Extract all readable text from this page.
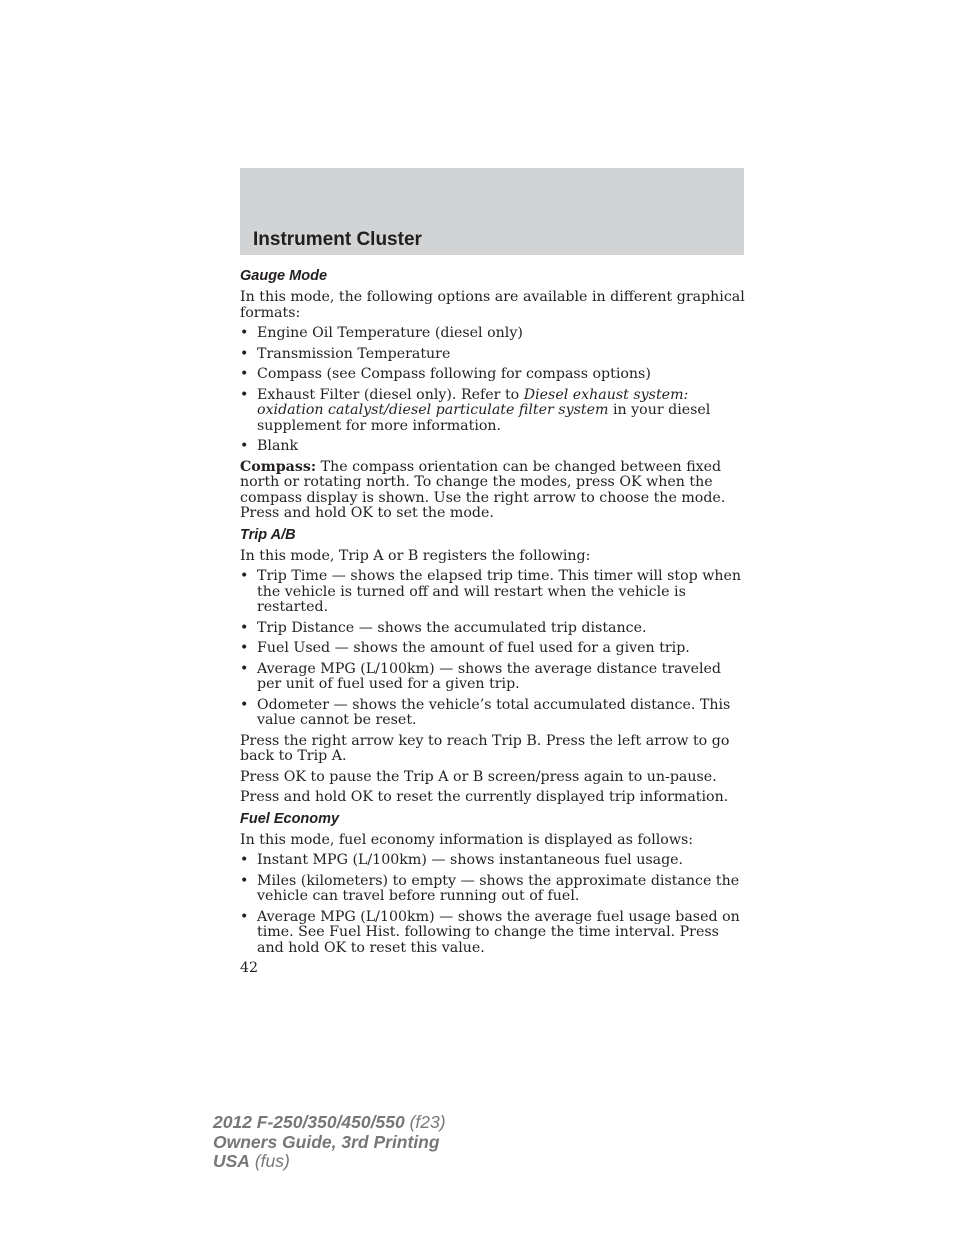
Instrument Cluster
Gauge Mode

In this mode, the following options are available in different graphical formats:

• Engine Oil Temperature (diesel only)
• Transmission Temperature
• Compass (see Compass following for compass options)
• Exhaust Filter (diesel only). Refer to Diesel exhaust system: oxidation catalyst/diesel particulate filter system in your diesel supplement for more information.
• Blank

Compass: The compass orientation can be changed between fixed north or rotating north. To change the modes, press OK when the compass display is shown. Use the right arrow to choose the mode. Press and hold OK to set the mode.

Trip A/B

In this mode, Trip A or B registers the following:

• Trip Time — shows the elapsed trip time. This timer will stop when the vehicle is turned off and will restart when the vehicle is restarted.
• Trip Distance — shows the accumulated trip distance.
• Fuel Used — shows the amount of fuel used for a given trip.
• Average MPG (L/100km) — shows the average distance traveled per unit of fuel used for a given trip.
• Odometer — shows the vehicle’s total accumulated distance. This value cannot be reset.

Press the right arrow key to reach Trip B. Press the left arrow to go back to Trip A.

Press OK to pause the Trip A or B screen/press again to un-pause.

Press and hold OK to reset the currently displayed trip information.

Fuel Economy

In this mode, fuel economy information is displayed as follows:

• Instant MPG (L/100km) — shows instantaneous fuel usage.
• Miles (kilometers) to empty — shows the approximate distance the vehicle can travel before running out of fuel.
• Average MPG (L/100km) — shows the average fuel usage based on time. See Fuel Hist. following to change the time interval. Press and hold OK to reset this value.
42
2012 F-250/350/450/550 (f23)
Owners Guide, 3rd Printing
USA (fus)
